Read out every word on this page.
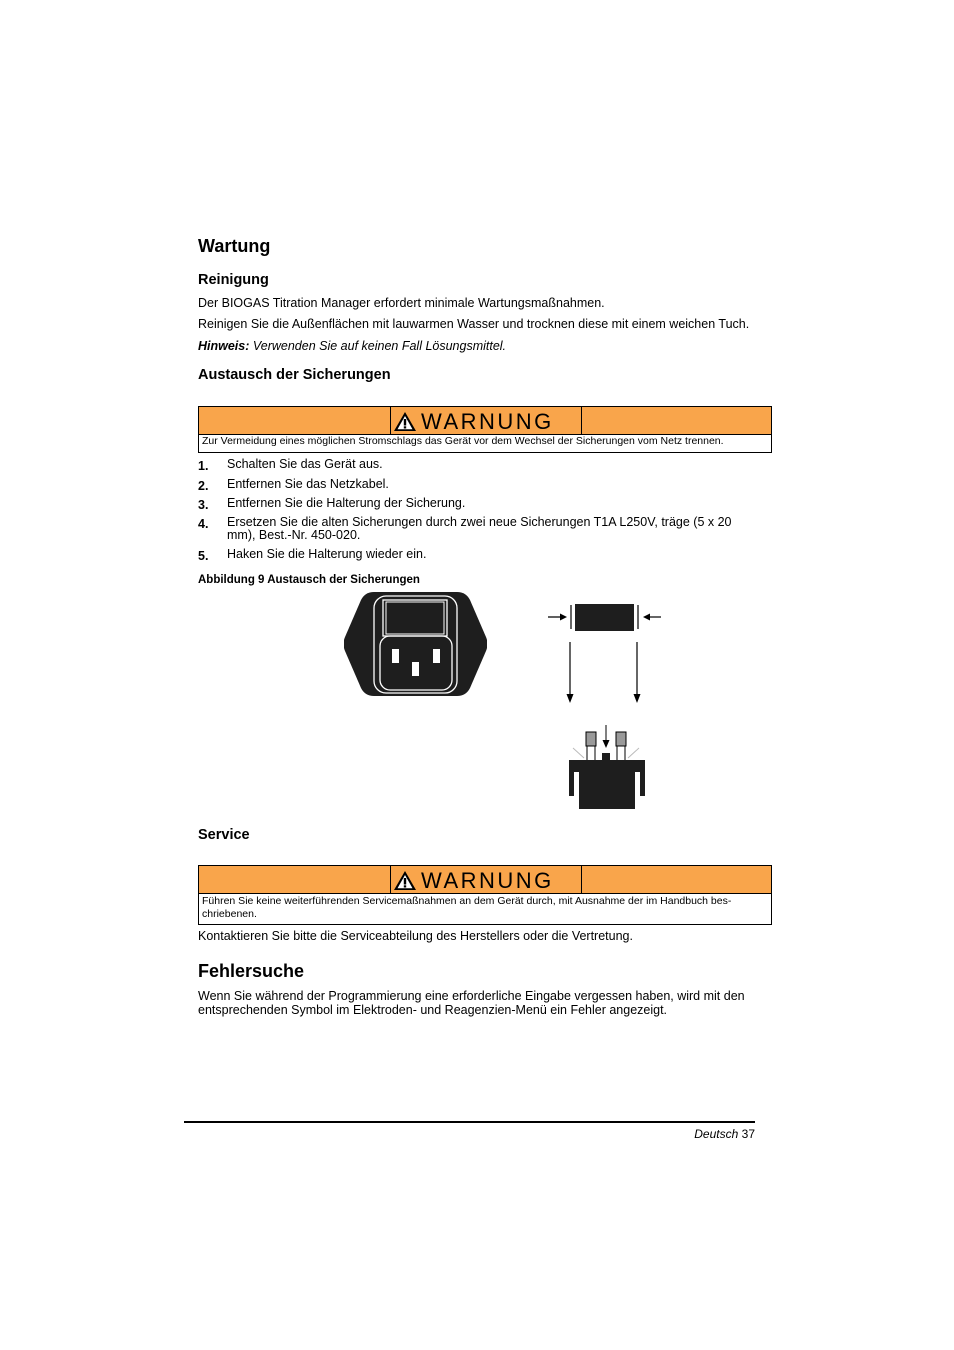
Wartung
Reinigung
Der BIOGAS Titration Manager erfordert minimale Wartungsmaßnahmen.
Reinigen Sie die Außenflächen mit lauwarmen Wasser und trocknen diese mit einem weichen Tuch.
Hinweis: Verwenden Sie auf keinen Fall Lösungsmittel.
Austausch der Sicherungen
WARNUNG
Zur Vermeidung eines möglichen Stromschlags das Gerät vor dem Wechsel der Sicherungen vom Netz trennen.
1. Schalten Sie das Gerät aus.
2. Entfernen Sie das Netzkabel.
3. Entfernen Sie die Halterung der Sicherung.
4. Ersetzen Sie die alten Sicherungen durch zwei neue Sicherungen T1A L250V, träge (5 x 20 mm), Best.-Nr. 450-020.
5. Haken Sie die Halterung wieder ein.
Abbildung 9 Austausch der Sicherungen
Service
WARNUNG
Führen Sie keine weiterführenden Servicemaßnahmen an dem Gerät durch, mit Ausnahme der im Handbuch bes- chriebenen.
Kontaktieren Sie bitte die Serviceabteilung des Herstellers oder die Vertretung.
Fehlersuche
Wenn Sie während der Programmierung eine erforderliche Eingabe vergessen haben, wird mit den entsprechenden Symbol im Elektroden- und Reagenzien-Menü ein Fehler angezeigt.
Deutsch 37
